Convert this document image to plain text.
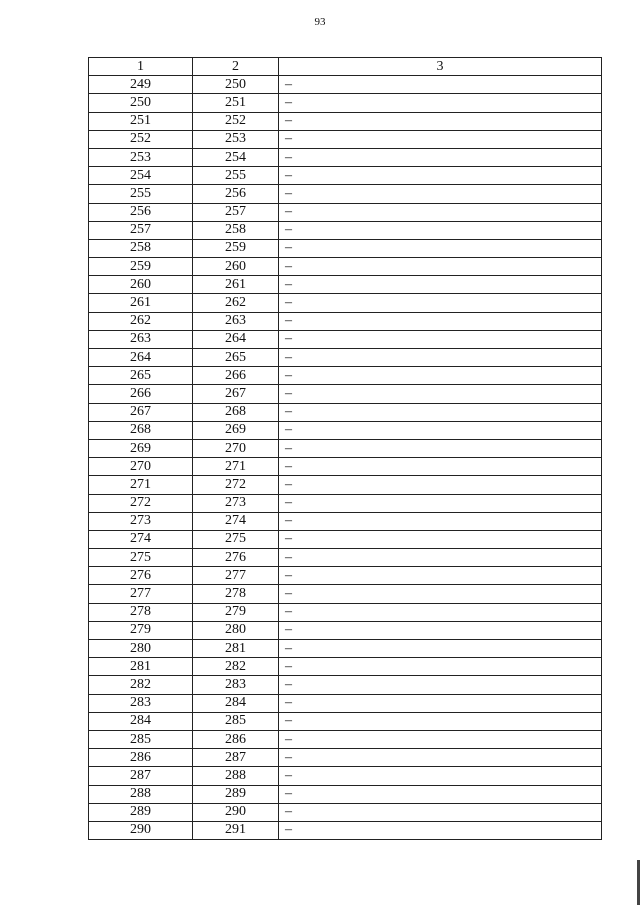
93
1	2	3
249	250	–
250	251	–
251	252	–
252	253	–
253	254	–
254	255	–
255	256	–
256	257	–
257	258	–
258	259	–
259	260	–
260	261	–
261	262	–
262	263	–
263	264	–
264	265	–
265	266	–
266	267	–
267	268	–
268	269	–
269	270	–
270	271	–
271	272	–
272	273	–
273	274	–
274	275	–
275	276	–
276	277	–
277	278	–
278	279	–
279	280	–
280	281	–
281	282	–
282	283	–
283	284	–
284	285	–
285	286	–
286	287	–
287	288	–
288	289	–
289	290	–
290	291	–
